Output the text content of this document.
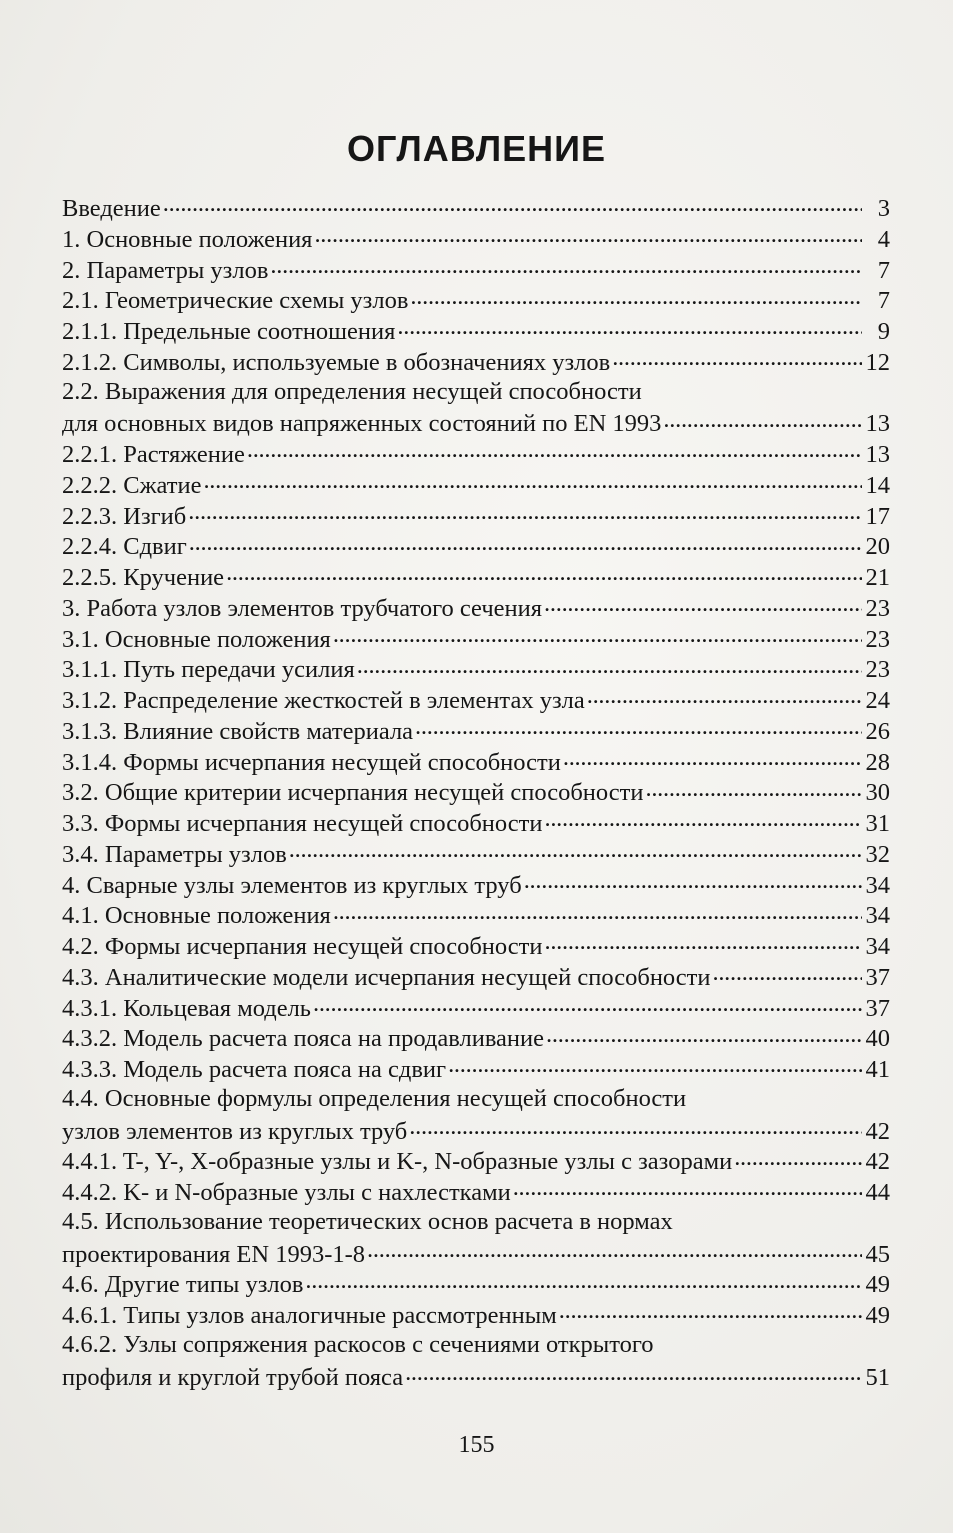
ОГЛАВЛЕНИЕ
Введение . . .	3
1. Основные положения . . .	4
2. Параметры узлов . . .	7
2.1. Геометрические схемы узлов . . .	7
2.1.1. Предельные соотношения . . .	9
2.1.2. Символы, используемые в обозначениях узлов . . .	12
2.2. Выражения для определения несущей способности
для основных видов напряженных состояний по EN 1993 . . .	13
2.2.1. Растяжение . . .	13
2.2.2. Сжатие . . .	14
2.2.3. Изгиб . . .	17
2.2.4. Сдвиг . . .	20
2.2.5. Кручение . . .	21
3. Работа узлов элементов трубчатого сечения . . .	23
3.1. Основные положения . . .	23
3.1.1. Путь передачи усилия . . .	23
3.1.2. Распределение жесткостей в элементах узла . . .	24
3.1.3. Влияние свойств материала . . .	26
3.1.4. Формы исчерпания несущей способности . . .	28
3.2. Общие критерии исчерпания несущей способности . . .	30
3.3. Формы исчерпания несущей способности . . .	31
3.4. Параметры узлов . . .	32
4. Сварные узлы элементов из круглых труб . . .	34
4.1. Основные положения . . .	34
4.2. Формы исчерпания несущей способности . . .	34
4.3. Аналитические модели исчерпания несущей способности . . .	37
4.3.1. Кольцевая модель . . .	37
4.3.2. Модель расчета пояса на продавливание . . .	40
4.3.3. Модель расчета пояса на сдвиг . . .	41
4.4. Основные формулы определения несущей способности
узлов элементов из круглых труб . . .	42
4.4.1. T-, Y-, X-образные узлы и K-, N-образные узлы с зазорами . . .	42
4.4.2. K- и N-образные узлы с нахлестками . . .	44
4.5. Использование теоретических основ расчета в нормах
проектирования EN 1993-1-8 . . .	45
4.6. Другие типы узлов . . .	49
4.6.1. Типы узлов аналогичные рассмотренным . . .	49
4.6.2. Узлы сопряжения раскосов с сечениями открытого
профиля и круглой трубой пояса . . .	51
155
